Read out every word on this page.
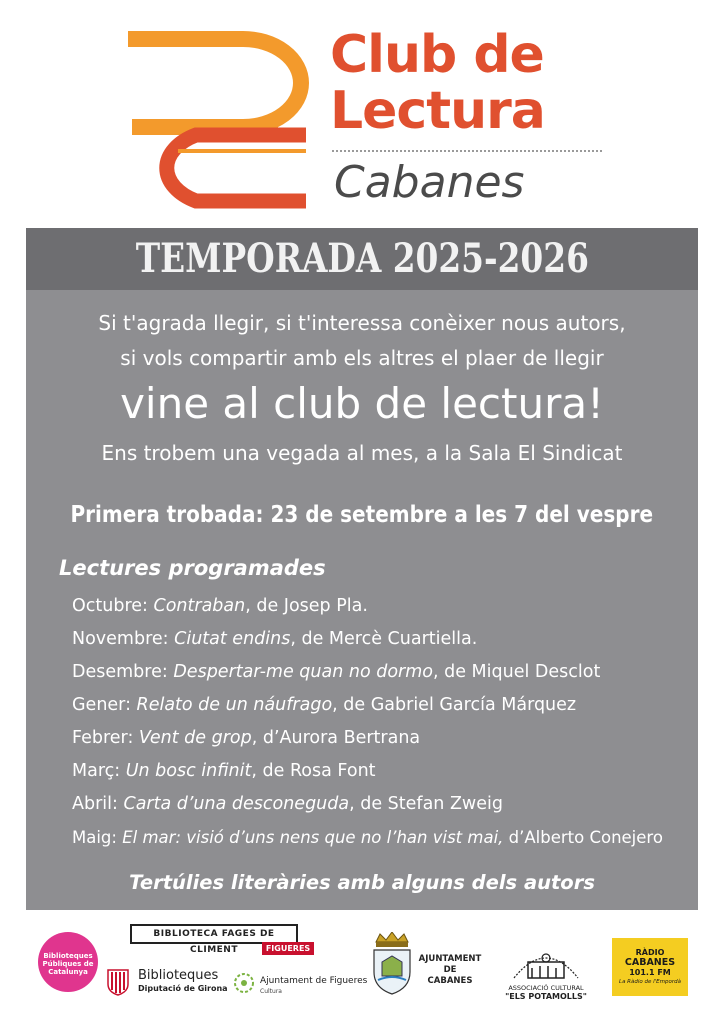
Club de
Lectura
Cabanes
TEMPORADA 2025-2026
Si t'agrada llegir, si t'interessa conèixer nous autors,
si vols compartir amb els altres el plaer de llegir
vine al club de lectura!
Ens trobem una vegada al mes, a la Sala El Sindicat
Primera trobada: 23 de setembre a les 7 del vespre
Lectures programades
Octubre: Contraban, de Josep Pla.
Novembre: Ciutat endins, de Mercè Cuartiella.
Desembre: Despertar-me quan no dormo, de Miquel Desclot
Gener: Relato de un náufrago, de Gabriel García Márquez
Febrer: Vent de grop, d’Aurora Bertrana
Març: Un bosc infinit, de Rosa Font
Abril: Carta d’una desconeguda, de Stefan Zweig
Maig: El mar: visió d’uns nens que no l’han vist mai, d’Alberto Conejero
Tertúlies literàries amb alguns dels autors
Biblioteques Públiques de Catalunya
BIBLIOTECA FAGES DE CLIMENT	FIGUERES
Biblioteques
Diputació de Girona
Ajuntament de Figueres
Cultura
AJUNTAMENT
DE
CABANES
ASSOCIACIÓ CULTURAL
"ELS POTAMOLLS"
RÀDIO
CABANES
101.1 FM
La Ràdio de l'Empordà
